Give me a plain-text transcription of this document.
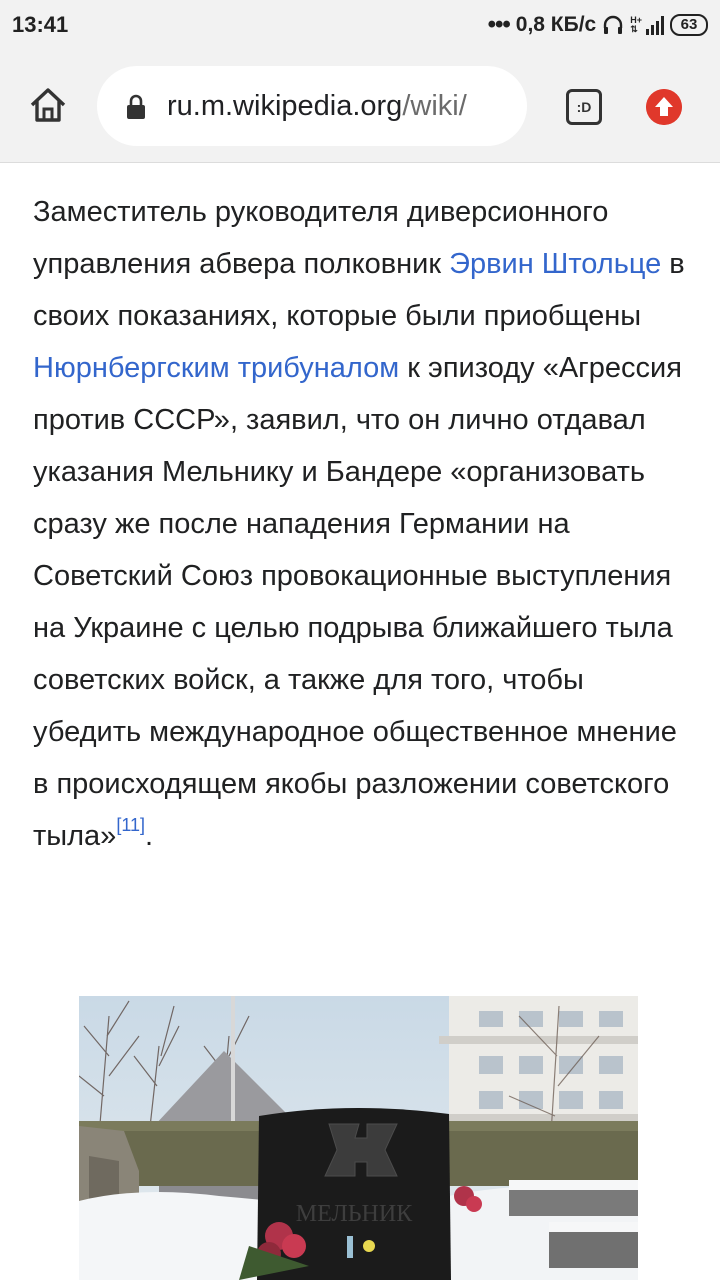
13:41	••• 0,8 КБ/с	H+
⇅	63
ru.m.wikipedia.org/wiki/	:D
Заместитель руководителя диверсионного управления абвера полковник Эрвин Штольце в своих показаниях, которые были приобщены Нюрнбергским трибуналом к эпизоду «Агрессия против СССР», заявил, что он лично отдавал указания Мельнику и Бандере «организовать сразу же после нападения Германии на Советский Союз провокационные выступления на Украине с целью подрыва ближайшего тыла советских войск, а также для того, чтобы убедить международное общественное мнение в происходящем якобы разложении советского тыла»[11].
МЕЛЬНИК
